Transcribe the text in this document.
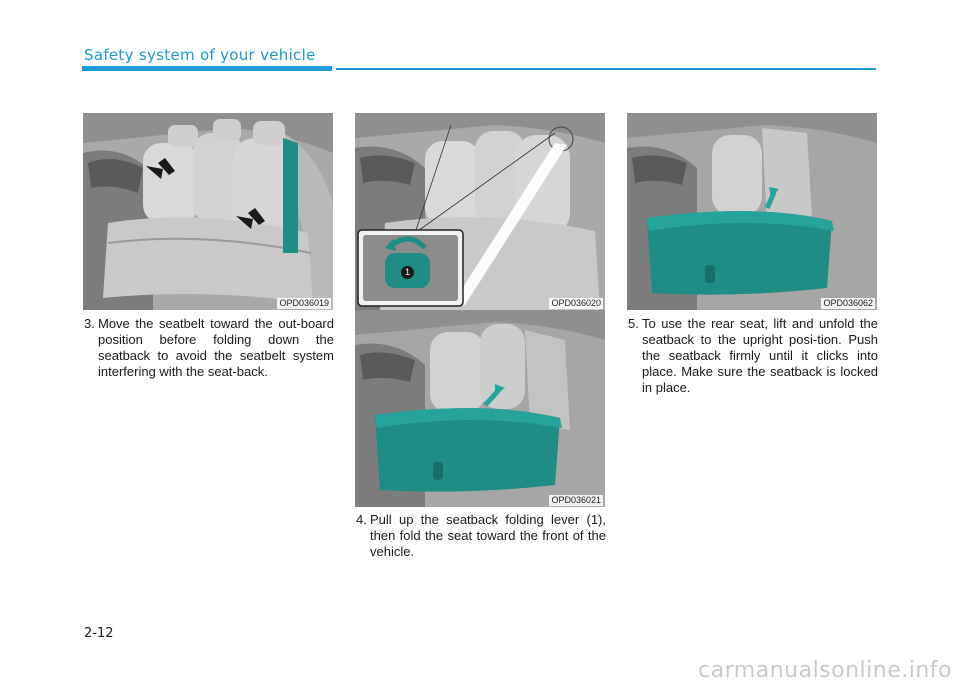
Safety system of your vehicle
OPD036019
1
OPD036020
OPD036021
OPD036062
3. Move the seatbelt toward the out-board position before folding down the seatback to avoid the seatbelt system interfering with the seat-back.
4. Pull up the seatback folding lever (1), then fold the seat toward the front of the vehicle.
5. To use the rear seat, lift and unfold the seatback to the upright posi-tion. Push the seatback firmly until it clicks into place. Make sure the seatback is locked in place.
2-12
carmanualsonline.info
